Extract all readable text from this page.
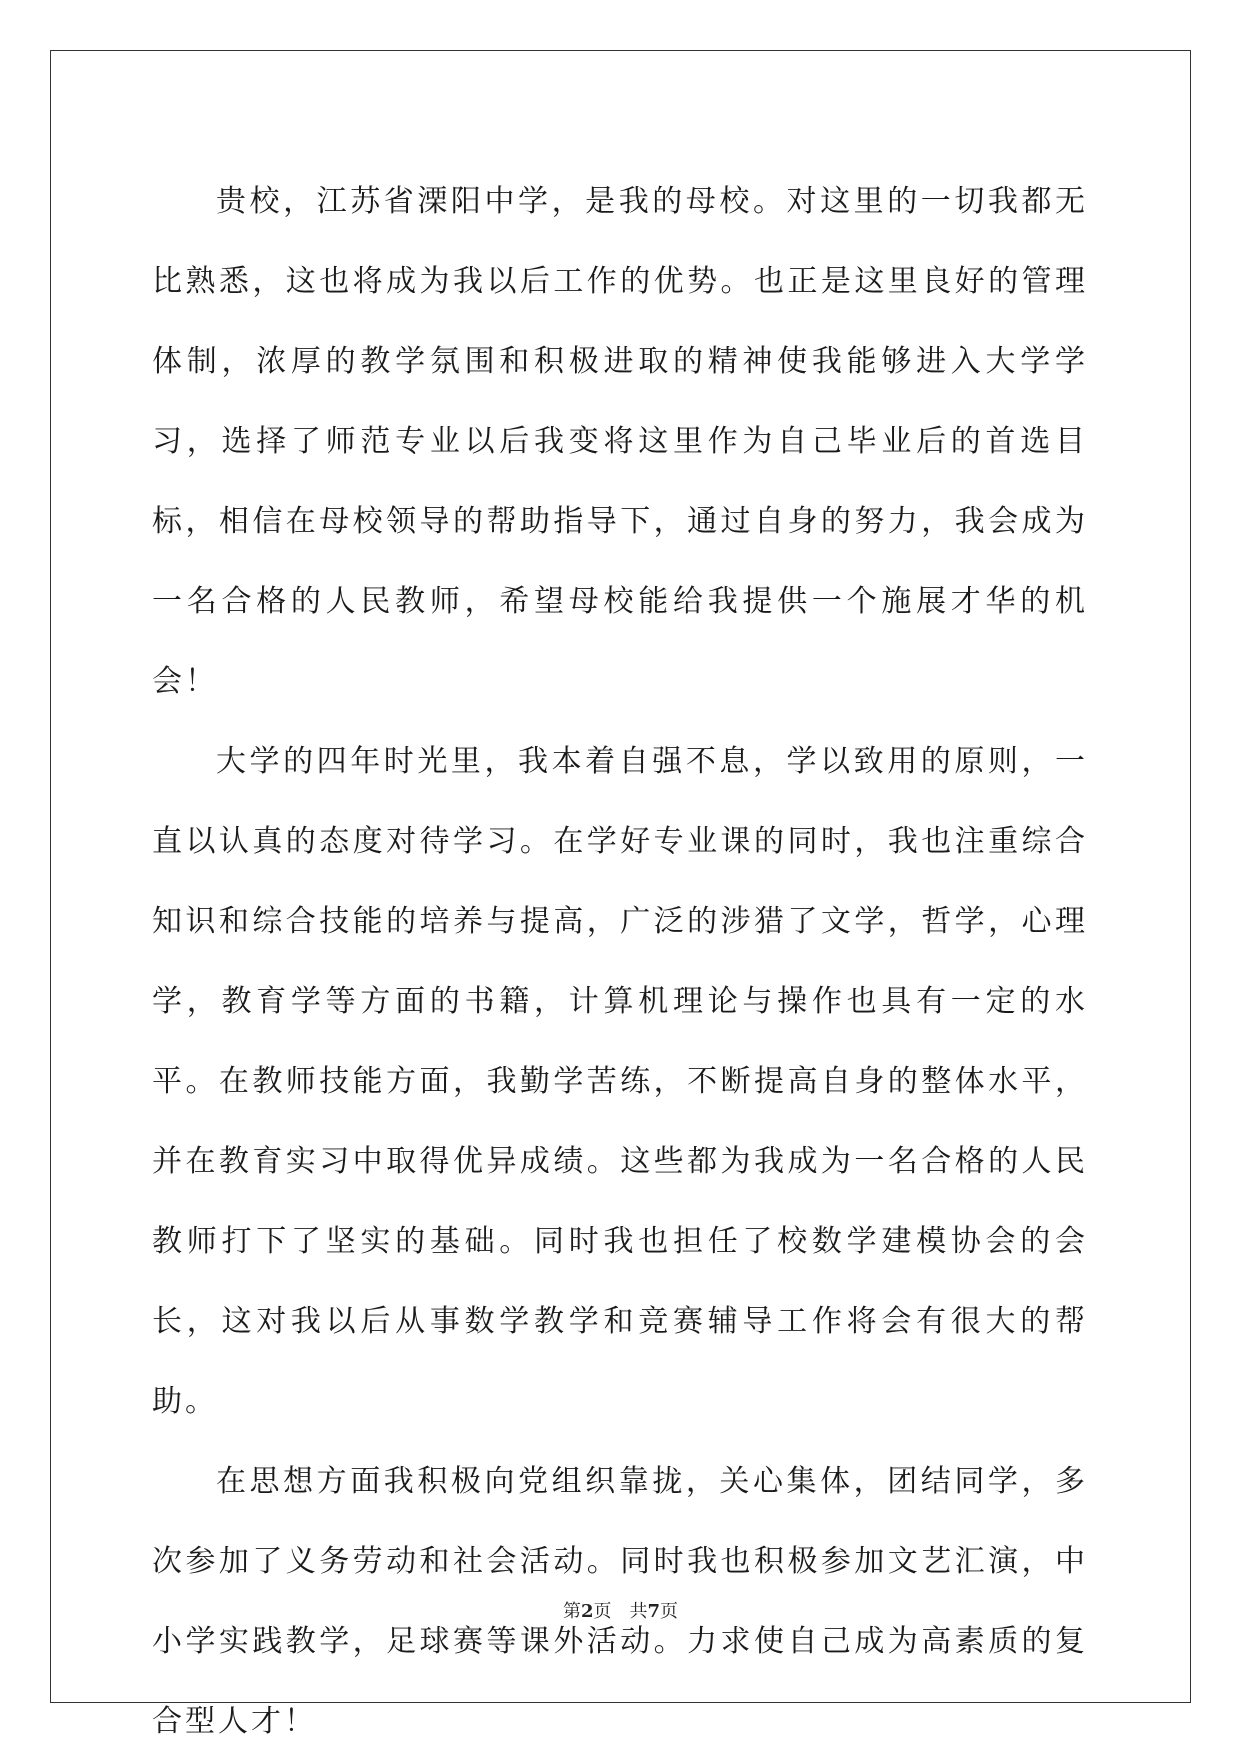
贵校，江苏省溧阳中学，是我的母校。对这里的一切我都无比熟悉，这也将成为我以后工作的优势。也正是这里良好的管理体制，浓厚的教学氛围和积极进取的精神使我能够进入大学学习，选择了师范专业以后我变将这里作为自己毕业后的首选目标，相信在母校领导的帮助指导下，通过自身的努力，我会成为一名合格的人民教师，希望母校能给我提供一个施展才华的机会！

大学的四年时光里，我本着自强不息，学以致用的原则，一直以认真的态度对待学习。在学好专业课的同时，我也注重综合知识和综合技能的培养与提高，广泛的涉猎了文学，哲学，心理学，教育学等方面的书籍，计算机理论与操作也具有一定的水平。在教师技能方面，我勤学苦练，不断提高自身的整体水平，并在教育实习中取得优异成绩。这些都为我成为一名合格的人民教师打下了坚实的基础。同时我也担任了校数学建模协会的会长，这对我以后从事数学教学和竞赛辅导工作将会有很大的帮助。

在思想方面我积极向党组织靠拢，关心集体，团结同学，多次参加了义务劳动和社会活动。同时我也积极参加文艺汇演，中小学实践教学，足球赛等课外活动。力求使自己成为高素质的复合型人才！

第2页　共7页
